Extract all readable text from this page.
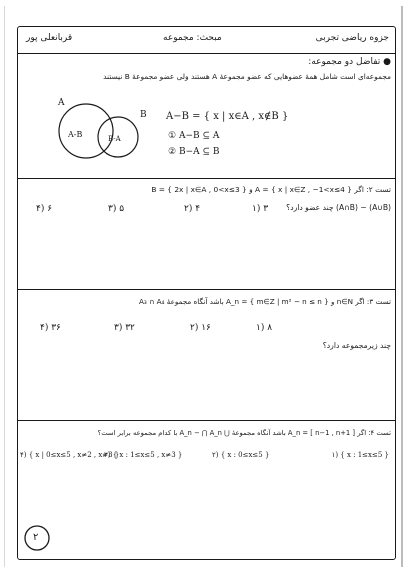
جزوه ریاضی تجربی
مبحث: مجموعه
قربانعلی پور
● تفاضل دو مجموعه:
مجموعه‌ای است شامل همهٔ عضوهایی که عضو مجموعهٔ A هستند ولی عضو مجموعهٔ B نیستند
A
B
A-B	B-A
A−B = { x | x∈A , x∉B }
① A−B ⊆ A
② B−A ⊆ B
تست ۲: اگر A = { x | x∈Z , −1<x≤4 } و B = { 2x | x∈A , 0<x≤3 }
(A∪B) − (A∩B) چند عضو دارد؟
۱) ۳
۲) ۴
۳) ۵
۴) ۶
تست ۳: اگر n∈N و A_n = { m∈Z | m² − n ≤ n } باشد آنگاه مجموعهٔ A₃ ∩ A₄
۱) ۸
۲) ۱۶
۳) ۳۲
۴) ۳۶
چند زیرمجموعه دارد؟
تست ۴: اگر A_n = [ n−1 , n+1 ] باشد آنگاه مجموعهٔ ⋃ A_n − ⋂ A_n با کدام مجموعه برابر است؟
۱) { x : 1≤x≤5 }
۲) { x : 0≤x≤5 }
۳) { x : 1≤x≤5 , x≠3 }
۴) { x | 0≤x≤5 , x≠2 , x≠3 }
۲
